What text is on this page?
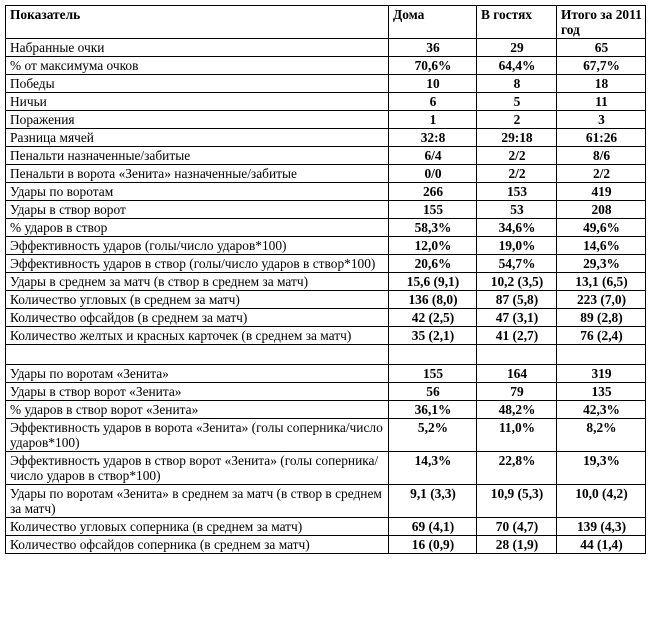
Показатель	Дома	В гостях	Итого за 2011 год
Набранные очки	36	29	65
% от максимума очков	70,6%	64,4%	67,7%
Победы	10	8	18
Ничьи	6	5	11
Поражения	1	2	3
Разница мячей	32:8	29:18	61:26
Пенальти назначенные/забитые	6/4	2/2	8/6
Пенальти в ворота «Зенита» назначенные/забитые	0/0	2/2	2/2
Удары по воротам	266	153	419
Удары в створ ворот	155	53	208
% ударов в створ	58,3%	34,6%	49,6%
Эффективность ударов (голы/число ударов*100)	12,0%	19,0%	14,6%
Эффективность ударов в створ (голы/число ударов в створ*100)	20,6%	54,7%	29,3%
Удары в среднем за матч (в створ в среднем за матч)	15,6 (9,1)	10,2 (3,5)	13,1 (6,5)
Количество угловых (в среднем за матч)	136 (8,0)	87 (5,8)	223 (7,0)
Количество офсайдов (в среднем за матч)	42 (2,5)	47 (3,1)	89 (2,8)
Количество желтых и красных карточек (в среднем за матч)	35 (2,1)	41 (2,7)	76 (2,4)

Удары по воротам «Зенита»	155	164	319
Удары в створ ворот «Зенита»	56	79	135
% ударов в створ ворот «Зенита»	36,1%	48,2%	42,3%
Эффективность ударов в ворота «Зенита» (голы соперника/число ударов*100)	5,2%	11,0%	8,2%
Эффективность ударов в створ ворот «Зенита» (голы соперника/число ударов в створ*100)	14,3%	22,8%	19,3%
Удары по воротам «Зенита» в среднем за матч (в створ в среднем за матч)	9,1 (3,3)	10,9 (5,3)	10,0 (4,2)
Количество угловых соперника (в среднем за матч)	69 (4,1)	70 (4,7)	139 (4,3)
Количество офсайдов соперника (в среднем за матч)	16 (0,9)	28 (1,9)	44 (1,4)
